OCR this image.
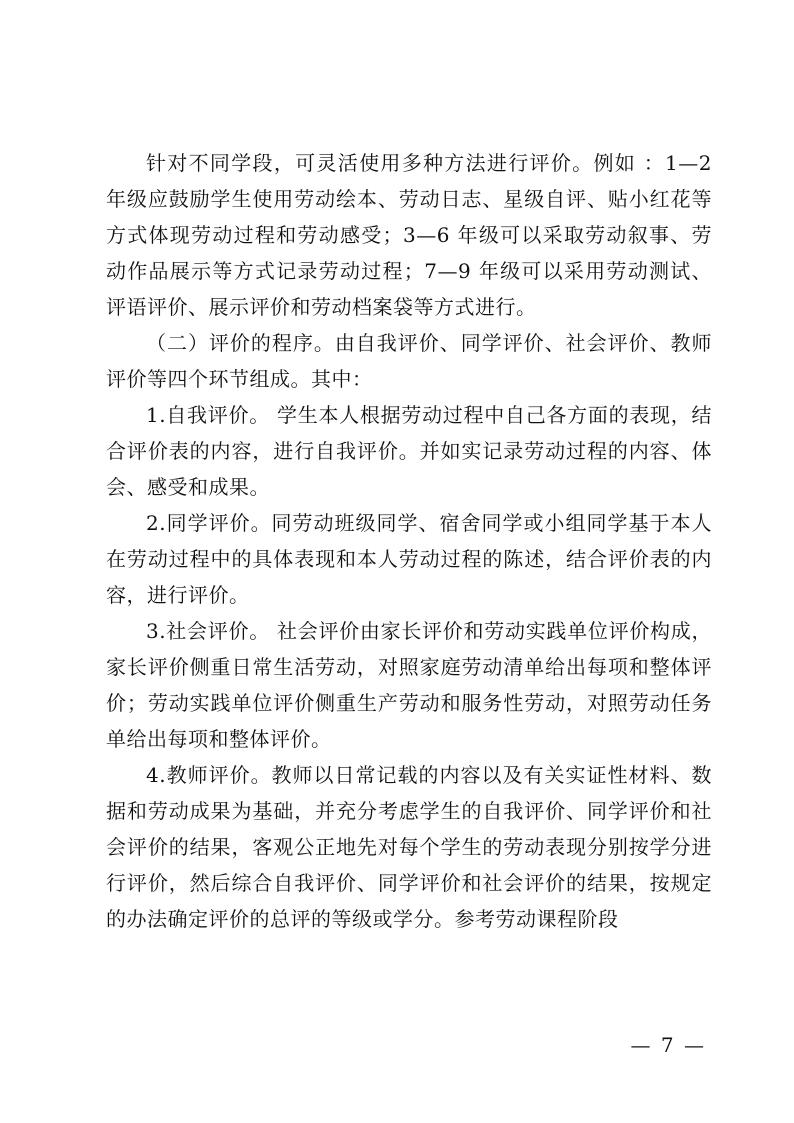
针对不同学段，可灵活使用多种方法进行评价。例如 ：1—2 年级应鼓励学生使用劳动绘本、劳动日志、星级自评、贴小红花等方式体现劳动过程和劳动感受；3—6 年级可以采取劳动叙事、劳动作品展示等方式记录劳动过程；7—9 年级可以采用劳动测试、评语评价、展示评价和劳动档案袋等方式进行。

（二）评价的程序。由自我评价、同学评价、社会评价、教师评价等四个环节组成。其中：

1.自我评价。 学生本人根据劳动过程中自己各方面的表现，结合评价表的内容，进行自我评价。并如实记录劳动过程的内容、体会、感受和成果。

2.同学评价。同劳动班级同学、宿舍同学或小组同学基于本人在劳动过程中的具体表现和本人劳动过程的陈述，结合评价表的内容，进行评价。

3.社会评价。 社会评价由家长评价和劳动实践单位评价构成，家长评价侧重日常生活劳动，对照家庭劳动清单给出每项和整体评价；劳动实践单位评价侧重生产劳动和服务性劳动，对照劳动任务单给出每项和整体评价。

4.教师评价。教师以日常记载的内容以及有关实证性材料、数据和劳动成果为基础，并充分考虑学生的自我评价、同学评价和社会评价的结果，客观公正地先对每个学生的劳动表现分别按学分进行评价，然后综合自我评价、同学评价和社会评价的结果，按规定的办法确定评价的总评的等级或学分。参考劳动课程阶段

— 7 —
